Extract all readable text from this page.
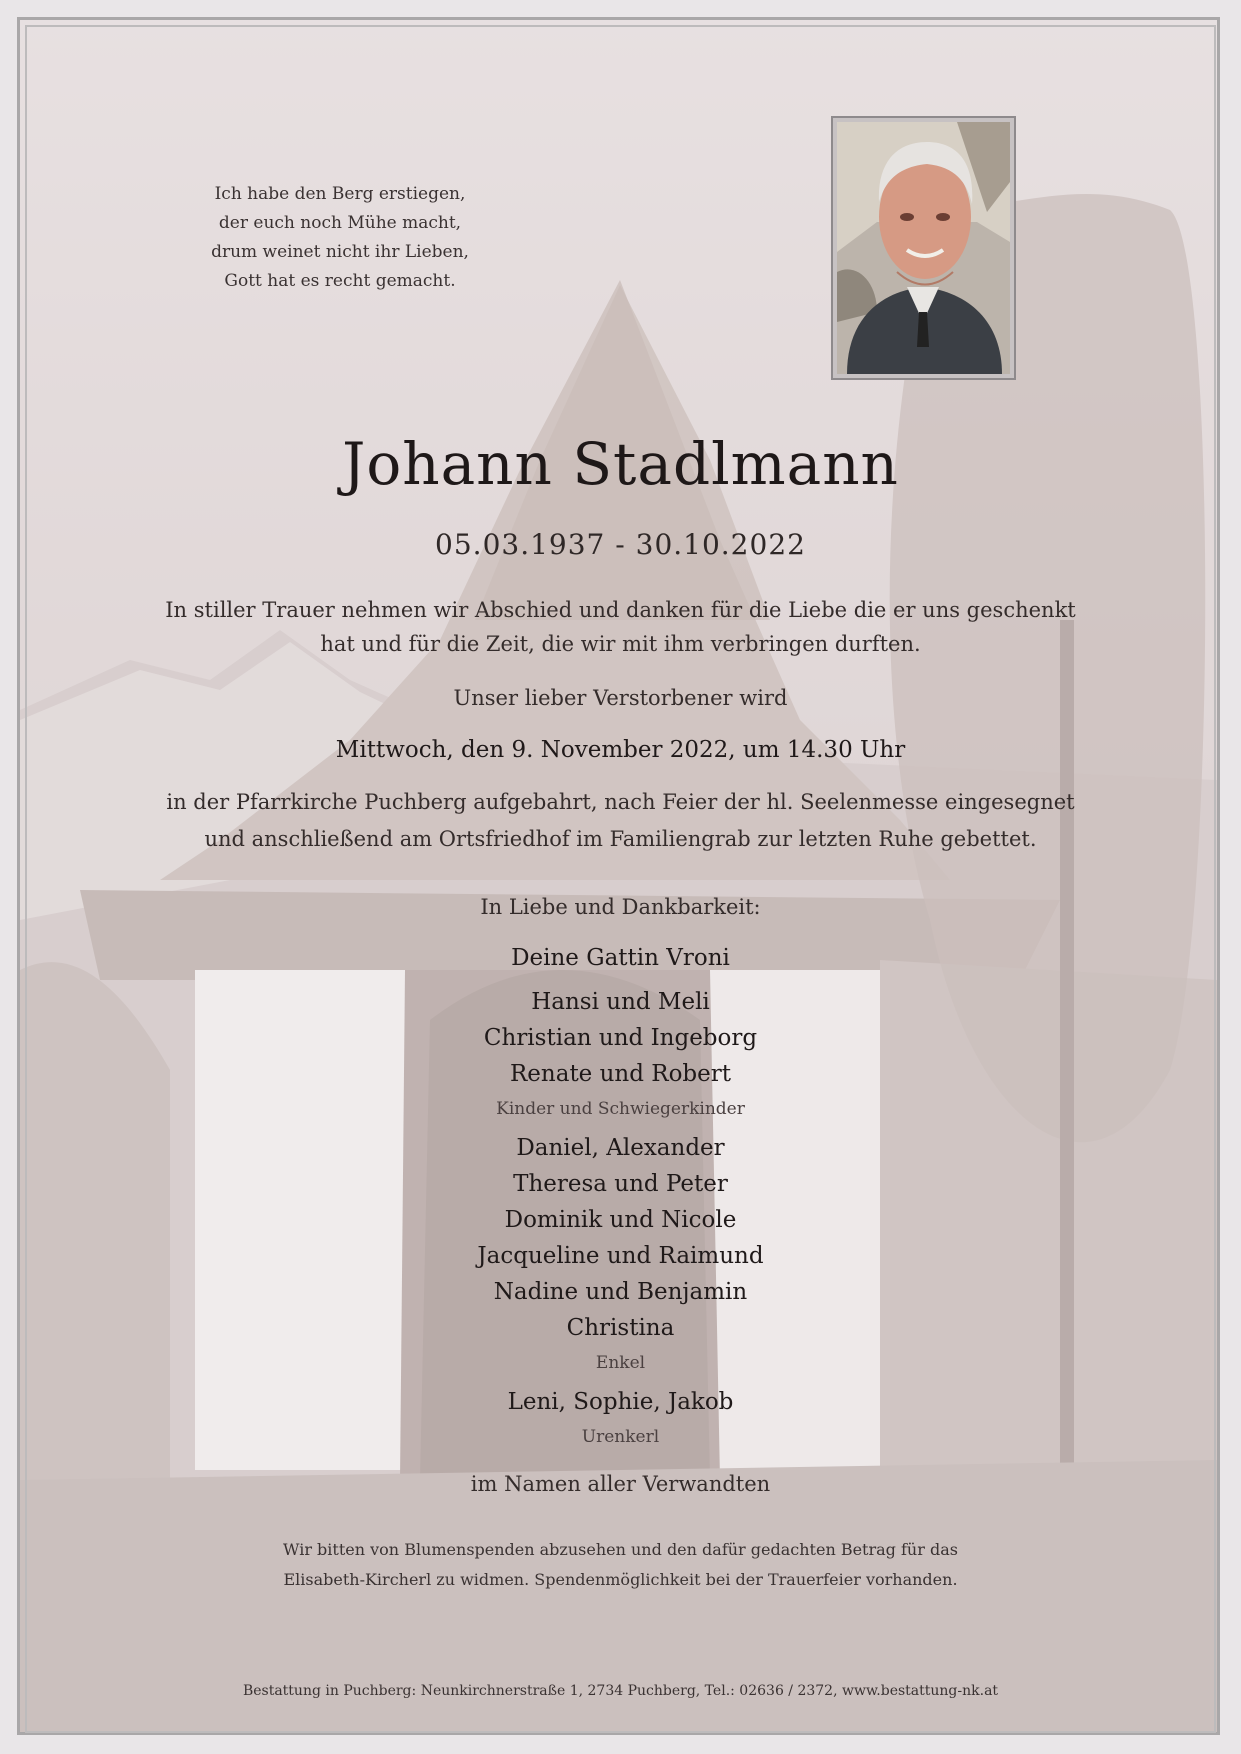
Ich habe den Berg erstiegen,
der euch noch Mühe macht,
drum weinet nicht ihr Lieben,
Gott hat es recht gemacht.
Johann Stadlmann
05.03.1937 - 30.10.2022
In stiller Trauer nehmen wir Abschied und danken für die Liebe die er uns geschenkt
hat und für die Zeit, die wir mit ihm verbringen durften.
Unser lieber Verstorbener wird
Mittwoch, den 9. November 2022, um 14.30 Uhr
in der Pfarrkirche Puchberg aufgebahrt, nach Feier der hl. Seelenmesse eingesegnet
und anschließend am Ortsfriedhof im Familiengrab zur letzten Ruhe gebettet.
In Liebe und Dankbarkeit:
Deine Gattin Vroni
Hansi und Meli
Christian und Ingeborg
Renate und Robert
Kinder und Schwiegerkinder
Daniel, Alexander
Theresa und Peter
Dominik und Nicole
Jacqueline und Raimund
Nadine und Benjamin
Christina
Enkel
Leni, Sophie, Jakob
Urenkerl
im Namen aller Verwandten
Wir bitten von Blumenspenden abzusehen und den dafür gedachten Betrag für das
Elisabeth-Kircherl zu widmen. Spendenmöglichkeit bei der Trauerfeier vorhanden.
Bestattung in Puchberg: Neunkirchnerstraße 1, 2734 Puchberg, Tel.: 02636 / 2372, www.bestattung-nk.at
